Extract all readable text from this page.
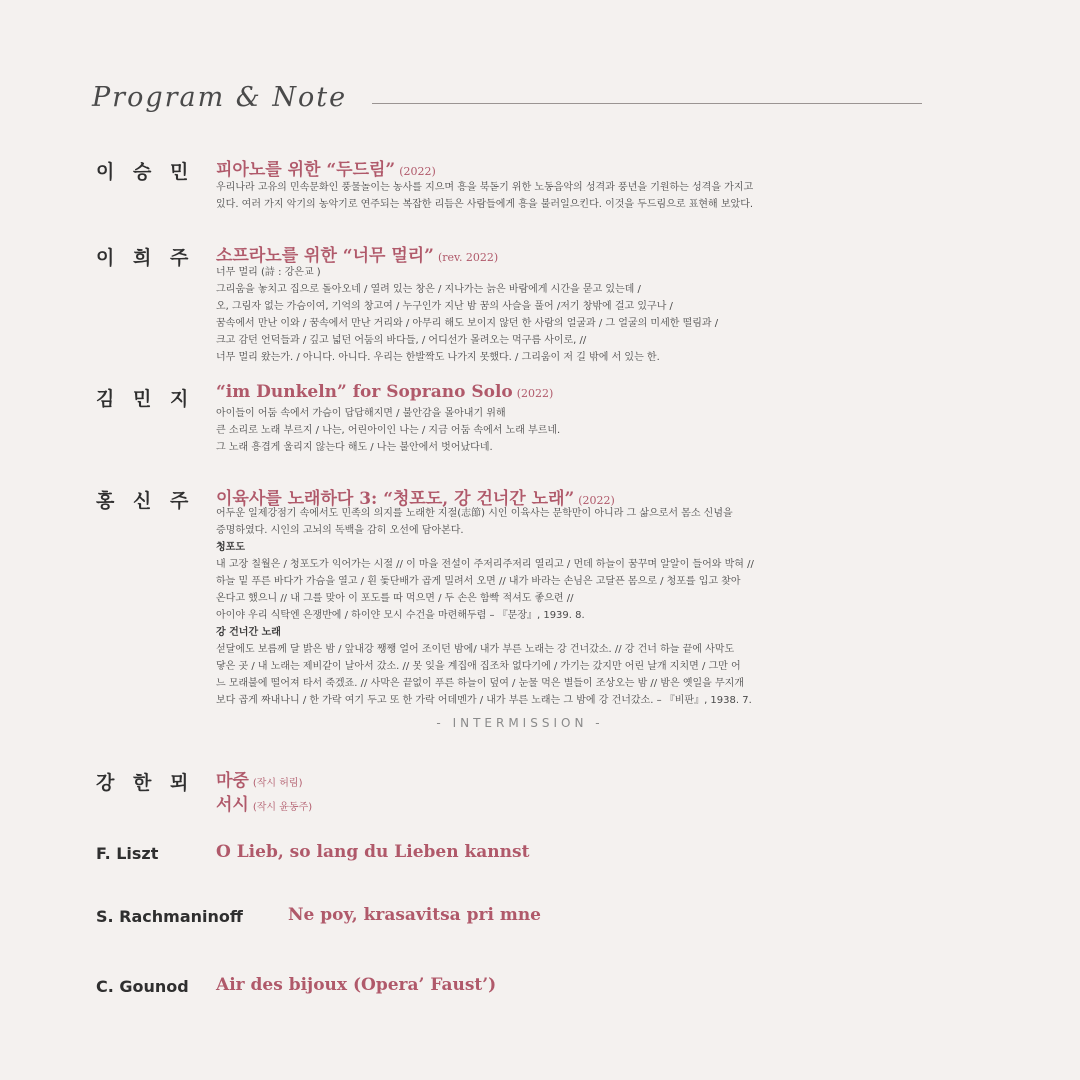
Program & Note
이 승 민 피아노를 위한 “두드림” (2022)

우리나라 고유의 민속문화인 풍물놀이는 농사를 지으며 흥을 북돋기 위한 노동음악의 성격과 풍년을 기원하는 성격을 가지고

있다. 여러 가지 악기의 농악기로 연주되는 복잡한 리듬은 사람들에게 흥을 불러일으킨다. 이것을 두드림으로 표현해 보았다.

이 희 주 소프라노를 위한 “너무 멀리” (rev. 2022)

너무 멀리 (詩 : 강은교 )

그리움을 놓치고 집으로 돌아오네 / 열려 있는 창은 / 지나가는 늙은 바람에게 시간을 묻고 있는데 /

오, 그림자 없는 가슴이여, 기억의 창고여 / 누구인가 지난 밤 꿈의 사슬을 풀어 /저기 창밖에 걸고 있구나 /

꿈속에서 만난 이와 / 꿈속에서 만난 거리와 / 아무리 해도 보이지 않던 한 사람의 얼굴과 / 그 얼굴의 미세한 떨림과 /

크고 감던 언덕들과 / 깊고 넓던 어둠의 바다들, / 어디선가 몰려오는 먹구름 사이로, //

너무 멀리 왔는가. / 아니다. 아니다. 우리는 한발짝도 나가지 못했다. / 그리움이 저 길 밖에 서 있는 한.

김 민 지 “im Dunkeln” for Soprano Solo (2022)

아이들이 어둠 속에서 가슴이 답답해지면 / 불안감을 몰아내기 위해

큰 소리로 노래 부르지 / 나는, 어린아이인 나는 / 지금 어둠 속에서 노래 부르네.

그 노래 흥겹게 울리지 않는다 해도 / 나는 불안에서 벗어났다네.

홍 신 주 이육사를 노래하다 3: “청포도, 강 건너간 노래” (2022)

어두운 일제강점기 속에서도 민족의 의지를 노래한 지절(志節) 시인 이육사는 문학만이 아니라 그 삶으로서 몸소 신념을

증명하였다. 시인의 고뇌의 독백을 감히 오선에 담아본다.

청포도

내 고장 칠월은 / 청포도가 익어가는 시절 // 이 마을 전설이 주저리주저리 열리고 / 먼데 하늘이 꿈꾸며 알알이 들어와 박혀 //

하늘 밑 푸른 바다가 가슴을 열고 / 흰 돛단배가 곱게 밀려서 오면 // 내가 바라는 손님은 고달픈 몸으로 / 청포를 입고 찾아

온다고 했으니 // 내 그를 맞아 이 포도를 따 먹으면 / 두 손은 함빡 적셔도 좋으련 //

아이야 우리 식탁엔 은쟁반에 / 하이얀 모시 수건을 마련해두렴 – 『문장』, 1939. 8.

강 건너간 노래

섣달에도 보름께 달 밝은 밤 / 앞내강 쨍쨍 얼어 조이던 밤에/ 내가 부른 노래는 강 건너갔소. // 강 건너 하늘 끝에 사막도

닿은 곳 / 내 노래는 제비같이 날아서 갔소. // 못 잊을 계집애 집조차 없다기에 / 가기는 갔지만 어린 날개 지치면 / 그만 어

느 모래불에 떨어져 타서 죽겠죠. // 사막은 끝없이 푸른 하늘이 덮여 / 눈물 먹은 별들이 조상오는 밤 // 밤은 옛일을 무지개

보다 곱게 짜내나니 / 한 가락 여기 두고 또 한 가락 어데멘가 / 내가 부른 노래는 그 밤에 강 건너갔소. – 『비판』, 1938. 7.

- INTERMISSION -
강 한 뫼 마중 (작시 허림)
서시 (작시 윤동주)
F. Liszt	O Lieb, so lang du Lieben kannst
S. Rachmaninoff	Ne poy, krasavitsa pri mne
C. Gounod Air des bijoux (Opera’ Faust’)
